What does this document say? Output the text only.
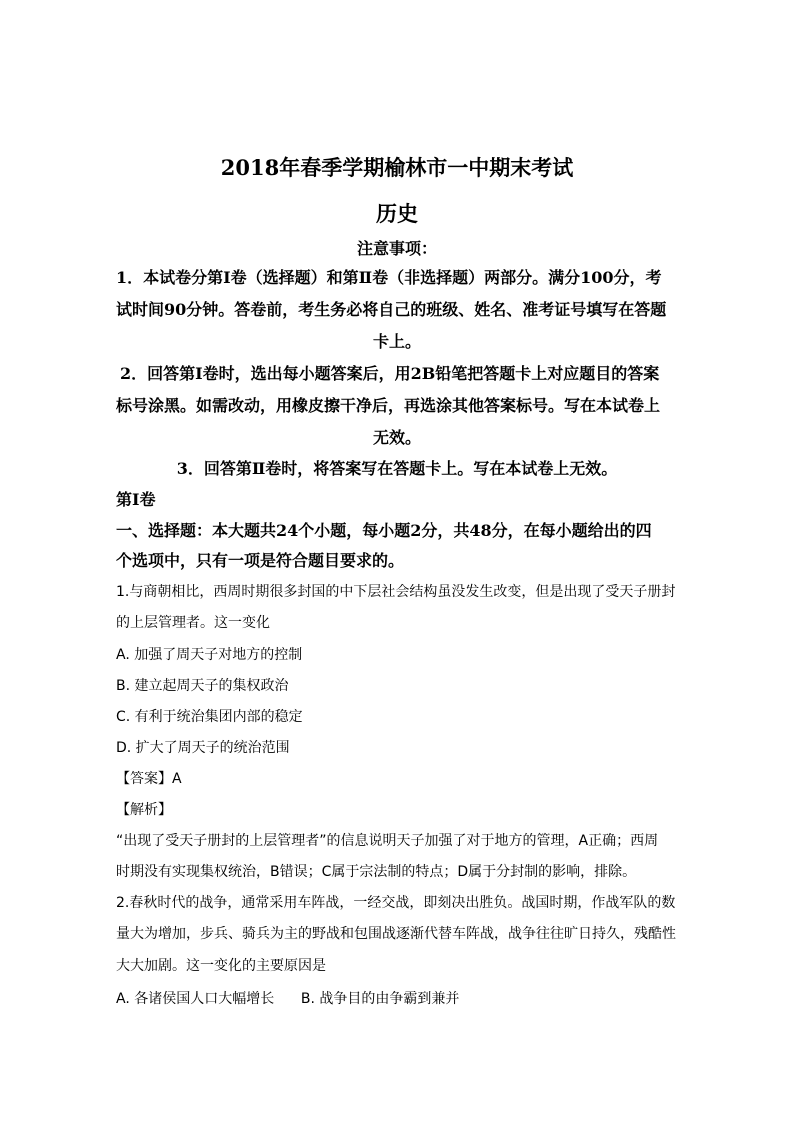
2018年春季学期榆林市一中期末考试
历史
注意事项：
1．本试卷分第Ⅰ卷（选择题）和第Ⅱ卷（非选择题）两部分。满分100分，考
试时间90分钟。答卷前，考生务必将自己的班级、姓名、准考证号填写在答题
卡上。
2．回答第Ⅰ卷时，选出每小题答案后，用2B铅笔把答题卡上对应题目的答案
标号涂黑。如需改动，用橡皮擦干净后，再选涂其他答案标号。写在本试卷上
无效。
3．回答第Ⅱ卷时，将答案写在答题卡上。写在本试卷上无效。
第Ⅰ卷
一、选择题：本大题共24个小题，每小题2分，共48分，在每小题给出的四
个选项中，只有一项是符合题目要求的。
1.与商朝相比，西周时期很多封国的中下层社会结构虽没发生改变，但是出现了受天子册封
的上层管理者。这一变化
A. 加强了周天子对地方的控制
B. 建立起周天子的集权政治
C. 有利于统治集团内部的稳定
D. 扩大了周天子的统治范围
【答案】A
【解析】
“出现了受天子册封的上层管理者”的信息说明天子加强了对于地方的管理，A正确；西周
时期没有实现集权统治，B错误；C属于宗法制的特点；D属于分封制的影响，排除。
2.春秋时代的战争，通常采用车阵战，一经交战，即刻决出胜负。战国时期，作战军队的数
量大为增加，步兵、骑兵为主的野战和包围战逐渐代替车阵战，战争往往旷日持久，残酷性
大大加剧。这一变化的主要原因是
A. 各诸侯国人口大幅增长      B. 战争目的由争霸到兼并
